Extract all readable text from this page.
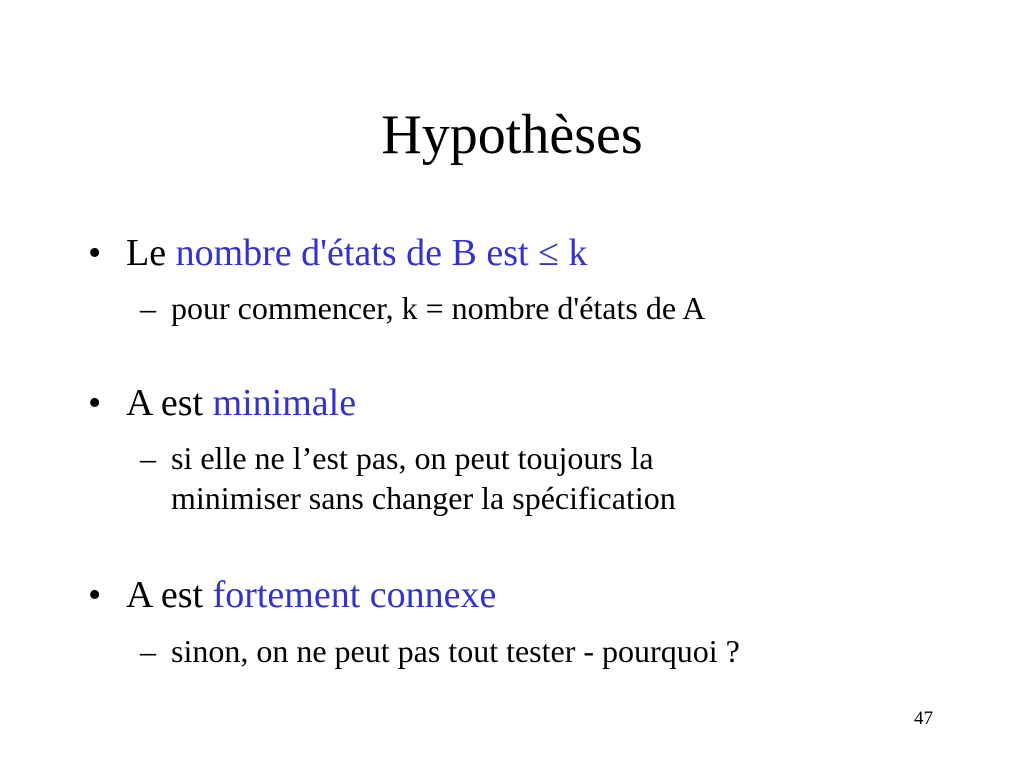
Hypothèses
• Le nombre d'états de B est ≤ k
– pour commencer, k = nombre d'états de A
• A est minimale
– si elle ne l’est pas, on peut toujours la
minimiser sans changer la spécification
• A est fortement connexe
– sinon, on ne peut pas tout tester - pourquoi ?
47
